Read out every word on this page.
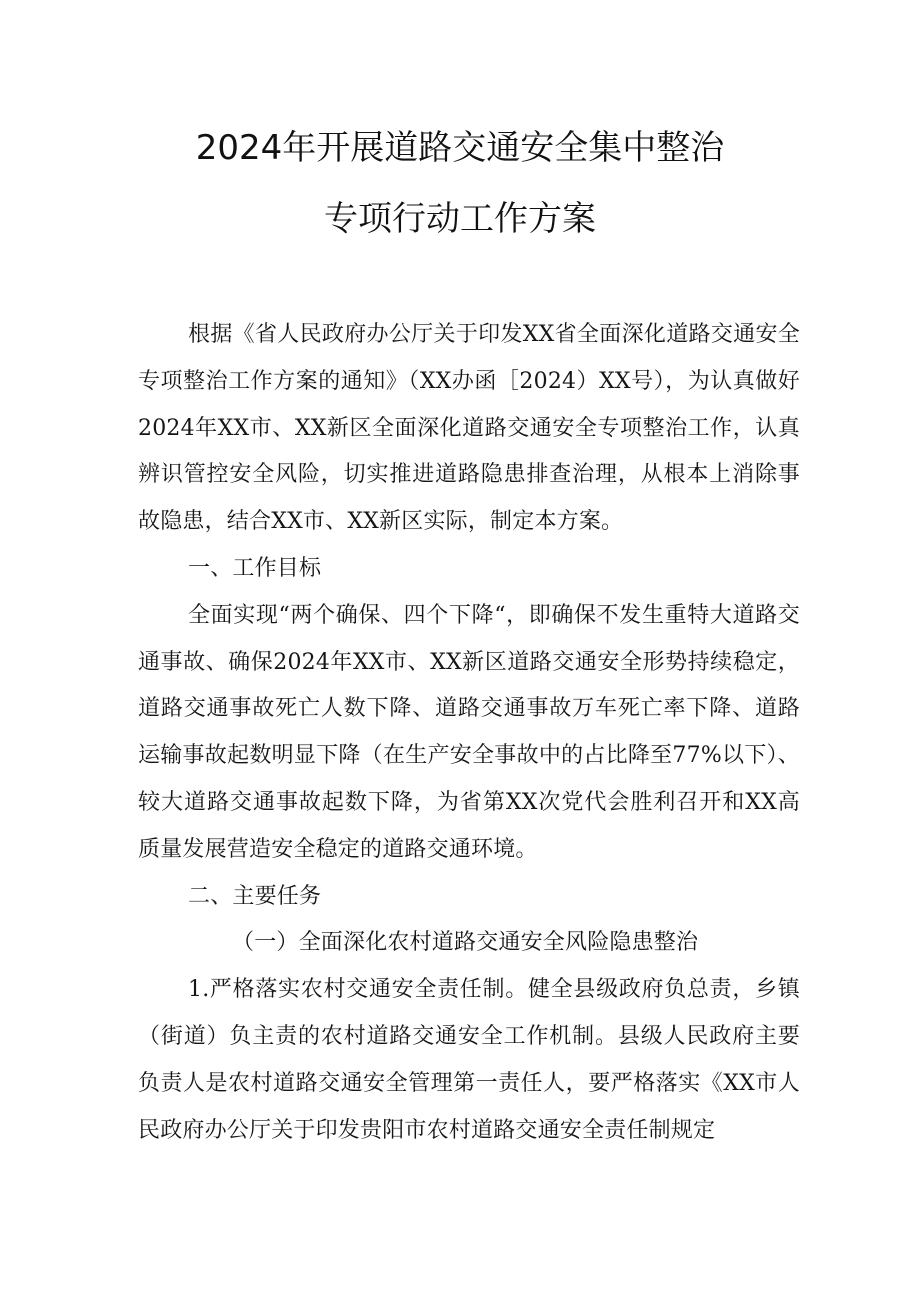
2024年开展道路交通安全集中整治
专项行动工作方案

根据《省人民政府办公厅关于印发XX省全面深化道路交通安全专项整治工作方案的通知》（XX办函［2024）XX号），为认真做好2024年XX市、XX新区全面深化道路交通安全专项整治工作，认真辨识管控安全风险，切实推进道路隐患排查治理，从根本上消除事故隐患，结合XX市、XX新区实际，制定本方案。

一、工作目标

全面实现“两个确保、四个下降“，即确保不发生重特大道路交通事故、确保2024年XX市、XX新区道路交通安全形势持续稳定，道路交通事故死亡人数下降、道路交通事故万车死亡率下降、道路运输事故起数明显下降（在生产安全事故中的占比降至77%以下）、较大道路交通事故起数下降，为省第XX次党代会胜利召开和XX高质量发展营造安全稳定的道路交通环境。

二、主要任务

（一）全面深化农村道路交通安全风险隐患整治

1.严格落实农村交通安全责任制。健全县级政府负总责，乡镇（街道）负主责的农村道路交通安全工作机制。县级人民政府主要负责人是农村道路交通安全管理第一责任人，要严格落实《XX市人民政府办公厅关于印发贵阳市农村道路交通安全责任制规定
